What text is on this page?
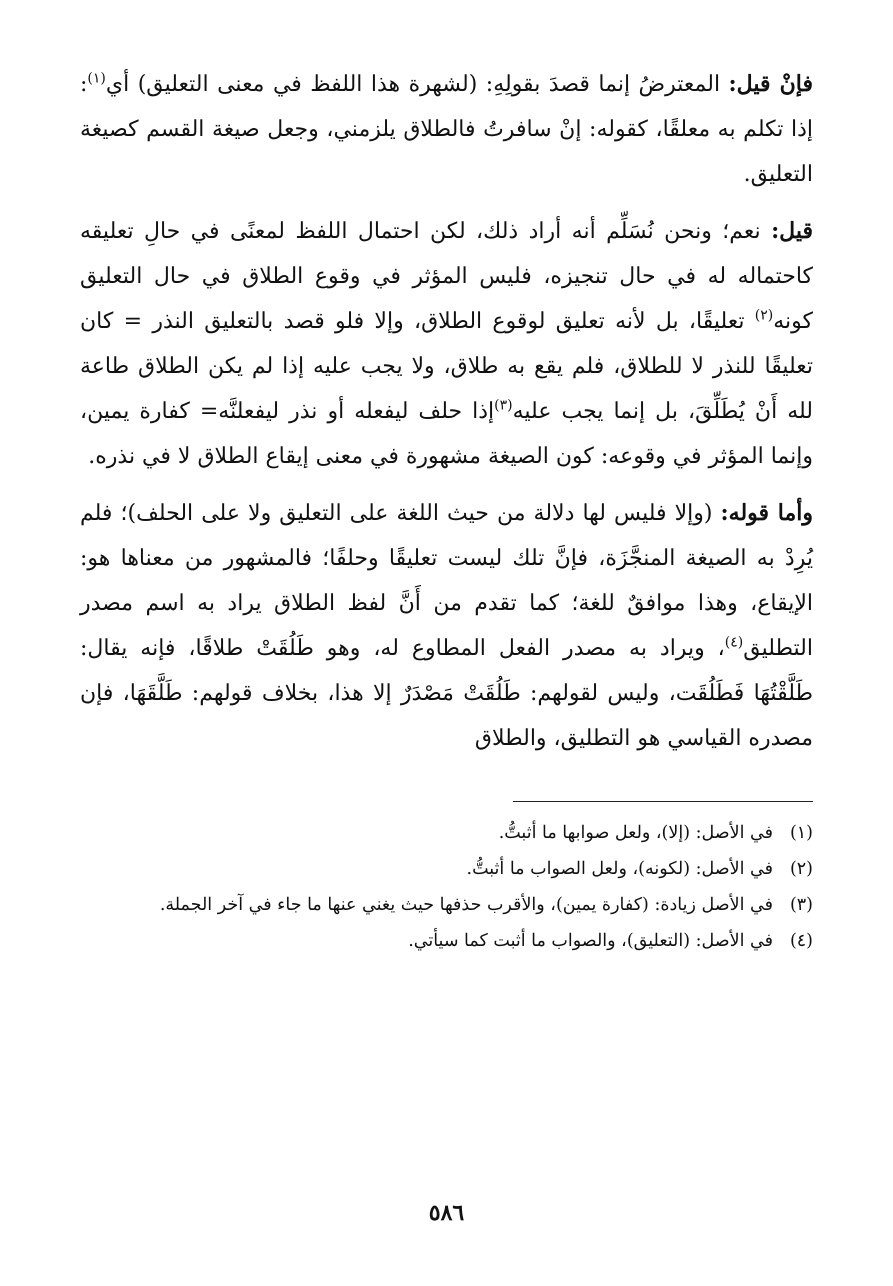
فإنْ قيل: المعترضُ إنما قصدَ بقولِهِ: (لشهرة هذا اللفظ في معنى التعليق) أي$^{(١)}$: إذا تكلم به معلقًا، كقوله: إنْ سافرتُ فالطلاق يلزمني، وجعل صيغة القسم كصيغة التعليق.

قيل: نعم؛ ونحن نُسَلِّم أنه أراد ذلك، لكن احتمال اللفظ لمعنًى في حالِ تعليقه كاحتماله له في حال تنجيزه، فليس المؤثر في وقوع الطلاق في حال التعليق كونه$^{(٢)}$ تعليقًا، بل لأنه تعليق لوقوع الطلاق، وإلا فلو قصد بالتعليق النذر = كان تعليقًا للنذر لا للطلاق، فلم يقع به طلاق، ولا يجب عليه إذا لم يكن الطلاق طاعة لله أَنْ يُطَلِّقَ، بل إنما يجب عليه$^{(٣)}$إذا حلف ليفعله أو نذر ليفعلنَّه= كفارة يمين، وإنما المؤثر في وقوعه: كون الصيغة مشهورة في معنى إيقاع الطلاق لا في نذره.

وأما قوله: (وإلا فليس لها دلالة من حيث اللغة على التعليق ولا على الحلف)؛ فلم يُرِدْ به الصيغة المنجَّزَة، فإنَّ تلك ليست تعليقًا وحلفًا؛ فالمشهور من معناها هو: الإيقاع، وهذا موافقٌ للغة؛ كما تقدم من أَنَّ لفظ الطلاق يراد به اسم مصدر التطليق$^{(٤)}$، ويراد به مصدر الفعل المطاوع له، وهو طَلُقَتْ طلاقًا، فإنه يقال: طَلَّقْتُهَا فَطَلُقَت، وليس لقولهم: طَلُقَتْ مَصْدَرٌ إلا هذا، بخلاف قولهم: طَلَّقَهَا، فإن مصدره القياسي هو التطليق، والطلاق

(١)
في الأصل: (إلا)، ولعل صوابها ما أثبتُّ.
(٢)
في الأصل: (لكونه)، ولعل الصواب ما أثبتُّ.
(٣)
في الأصل زيادة: (كفارة يمين)، والأقرب حذفها حيث يغني عنها ما جاء في آخر الجملة.
(٤)
في الأصل: (التعليق)، والصواب ما أثبت كما سيأتي.
٥٨٦
